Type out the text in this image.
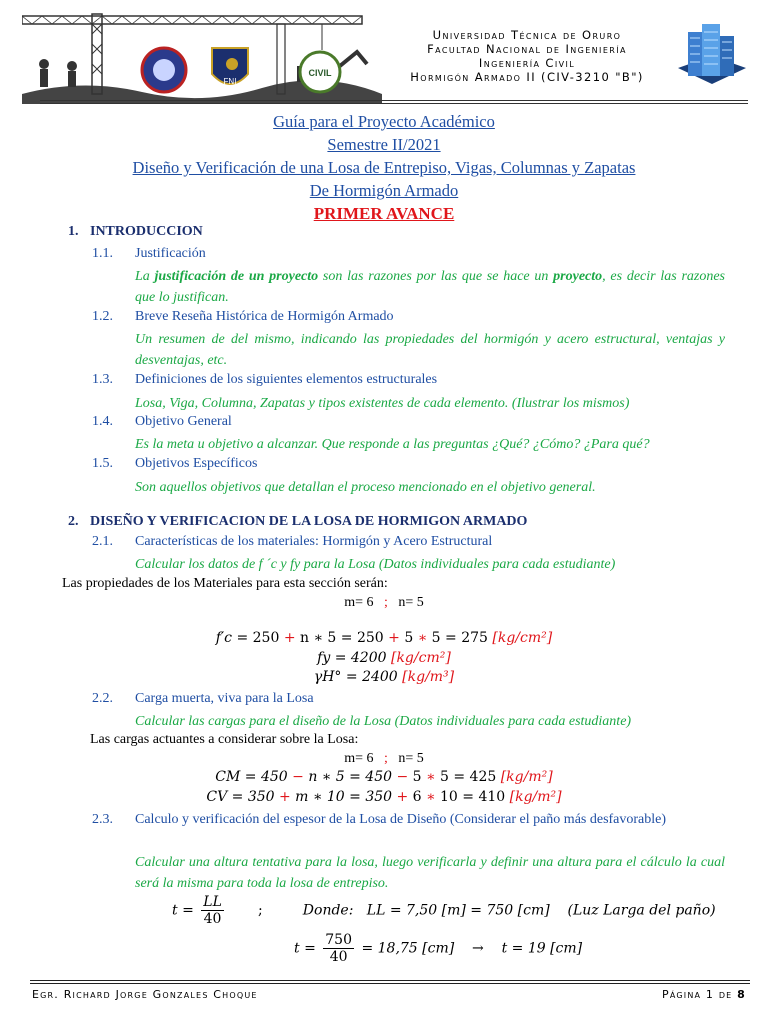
FNI
CIVIL
Universidad Técnica de Oruro
Facultad Nacional de Ingeniería
Ingeniería Civil
Hormigón Armado II (CIV-3210 "B")
Guía para el Proyecto Académico
Semestre II/2021
Diseño y Verificación de una Losa de Entrepiso, Vigas, Columnas y Zapatas
De Hormigón Armado
PRIMER AVANCE
1. INTRODUCCION
1.1. Justificación
La justificación de un proyecto son las razones por las que se hace un proyecto, es decir las razones que lo justifican.
1.2. Breve Reseña Histórica de Hormigón Armado
Un resumen de del mismo, indicando las propiedades del hormigón y acero estructural, ventajas y desventajas, etc.
1.3. Definiciones de los siguientes elementos estructurales
Losa, Viga, Columna, Zapatas y tipos existentes de cada elemento. (Ilustrar los mismos)
1.4. Objetivo General
Es la meta u objetivo a alcanzar. Que responde a las preguntas ¿Qué? ¿Cómo? ¿Para qué?
1.5. Objetivos Específicos
Son aquellos objetivos que detallan el proceso mencionado en el objetivo general.
2. DISEÑO Y VERIFICACION DE LA LOSA DE HORMIGON ARMADO
2.1. Características de los materiales: Hormigón y Acero Estructural
Calcular los datos de f ´c y fy para la Losa (Datos individuales para cada estudiante)
Las propiedades de los Materiales para esta sección serán:
m= 6 ; n= 5
f′c = 250 + n ∗ 5 = 250 + 5 ∗ 5 = 275 [kg/cm²]
fy = 4200 [kg/cm²]
γH° = 2400 [kg/m³]
2.2. Carga muerta, viva para la Losa
Calcular las cargas para el diseño de la Losa (Datos individuales para cada estudiante)
Las cargas actuantes a considerar sobre la Losa:
m= 6 ; n= 5
CM = 450 − n ∗ 5 = 450 − 5 ∗ 5 = 425 [kg/m²]
CV = 350 + m ∗ 10 = 350 + 6 ∗ 10 = 410 [kg/m²]
2.3.	Calculo y verificación del espesor de la Losa de Diseño (Considerar el paño más desfavorable)
Calcular una altura tentativa para la losa, luego verificarla y definir una altura para el cálculo la cual será la misma para toda la losa de entrepiso.
$t = \frac{LL}{40}$ ;	Donde: LL = 7,50 [m] = 750 [cm] (Luz Larga del paño)
$t = \frac{750}{40} = 18,75$ [cm] → t = 19 [cm]
Egr. Richard Jorge Gonzales Choque	Página 1 de 8
